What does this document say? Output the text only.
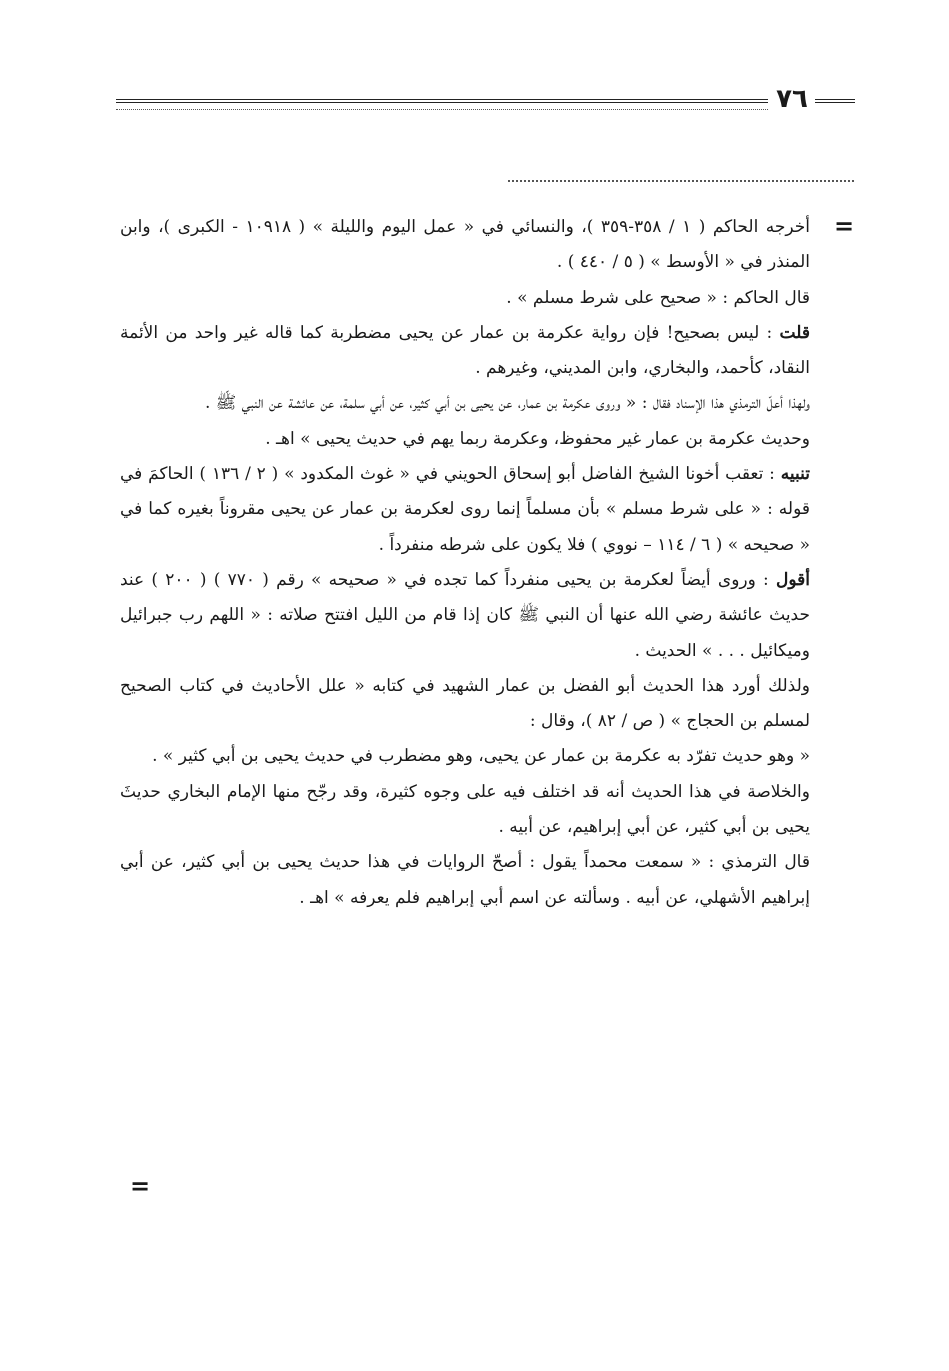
٧٦
=

أخرجه الحاكم ( ١ / ٣٥٨-٣٥٩ )، والنسائي في « عمل اليوم والليلة » ( ١٠٩١٨ - الكبرى )، وابن المنذر في « الأوسط » ( ٥ / ٤٤٠ ) .

قال الحاكم : « صحيح على شرط مسلم » .

قلت : ليس بصحيح! فإن رواية عكرمة بن عمار عن يحيى مضطربة كما قاله غير واحد من الأئمة النقاد، كأحمد، والبخاري، وابن المديني، وغيرهم .

ولهذا أعلّ الترمذي هذا الإسناد فقال : « وروى عكرمة بن عمار، عن يحيى بن أبي كثير، عن أبي سلمة، عن عائشة عن النبي ﷺ .

وحديث عكرمة بن عمار غير محفوظ، وعكرمة ربما يهم في حديث يحيى » اهـ .

تنبيه : تعقب أخونا الشيخ الفاضل أبو إسحاق الحويني في « غوث المكدود » ( ٢ / ١٣٦ ) الحاكمَ في قوله : « على شرط مسلم » بأن مسلماً إنما روى لعكرمة بن عمار عن يحيى مقروناً بغيره كما في « صحيحه » ( ٦ / ١١٤ – نووي ) فلا يكون على شرطه منفرداً .

أقول : وروى أيضاً لعكرمة بن يحيى منفرداً كما تجده في « صحيحه » رقم ( ٧٧٠ ) ( ٢٠٠ ) عند حديث عائشة رضي الله عنها أن النبي ﷺ كان إذا قام من الليل افتتح صلاته : « اللهم رب جبرائيل وميكائيل . . . » الحديث .

ولذلك أورد هذا الحديث أبو الفضل بن عمار الشهيد في كتابه « علل الأحاديث في كتاب الصحيح لمسلم بن الحجاج » ( ص / ٨٢ )، وقال :

« وهو حديث تفرّد به عكرمة بن عمار عن يحيى، وهو مضطرب في حديث يحيى بن أبي كثير » .

والخلاصة في هذا الحديث أنه قد اختلف فيه على وجوه كثيرة، وقد رجّح منها الإمام البخاري حديثَ يحيى بن أبي كثير، عن أبي إبراهيم، عن أبيه .

قال الترمذي : « سمعت محمداً يقول : أصحّ الروايات في هذا حديث يحيى بن أبي كثير، عن أبي إبراهيم الأشهلي، عن أبيه . وسألته عن اسم أبي إبراهيم فلم يعرفه » اهـ .

=
